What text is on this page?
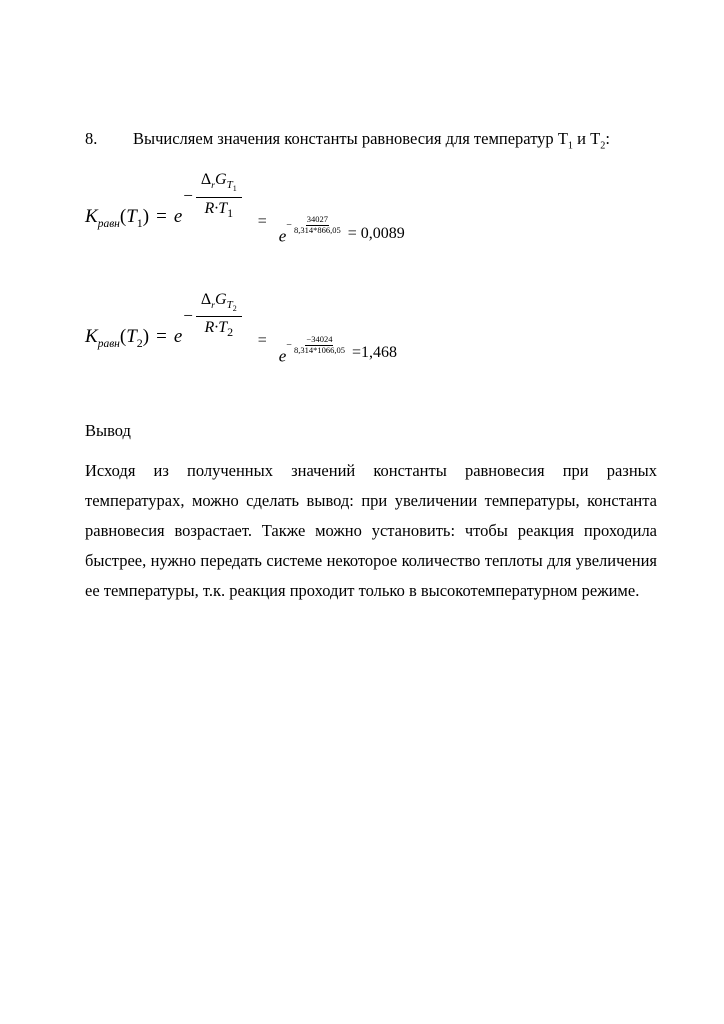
8. Вычисляем значения константы равновесия для температур $Т_1$ и $Т_2$:

$K_{равн}(T_1) = e$
− $\frac{\Delta_rG_{T_1}}{R\cdot T_1}$
=
e
$^{- \frac{34027}{8,314*866,05}}$ = 0,0089
$K_{равн}(T_2) = e$
− $\frac{\Delta_rG_{T_2}}{R\cdot T_2}$
=
e
$^{- \frac{-34024}{8,314*1066,05}}$ =1,468

Вывод

Исходя из полученных значений константы равновесия при разных температурах, можно сделать вывод: при увеличении температуры, константа равновесия возрастает. Также можно установить: чтобы реакция проходила быстрее, нужно передать системе некоторое количество теплоты для увеличения ее температуры, т.к. реакция проходит только в высокотемпературном режиме.
